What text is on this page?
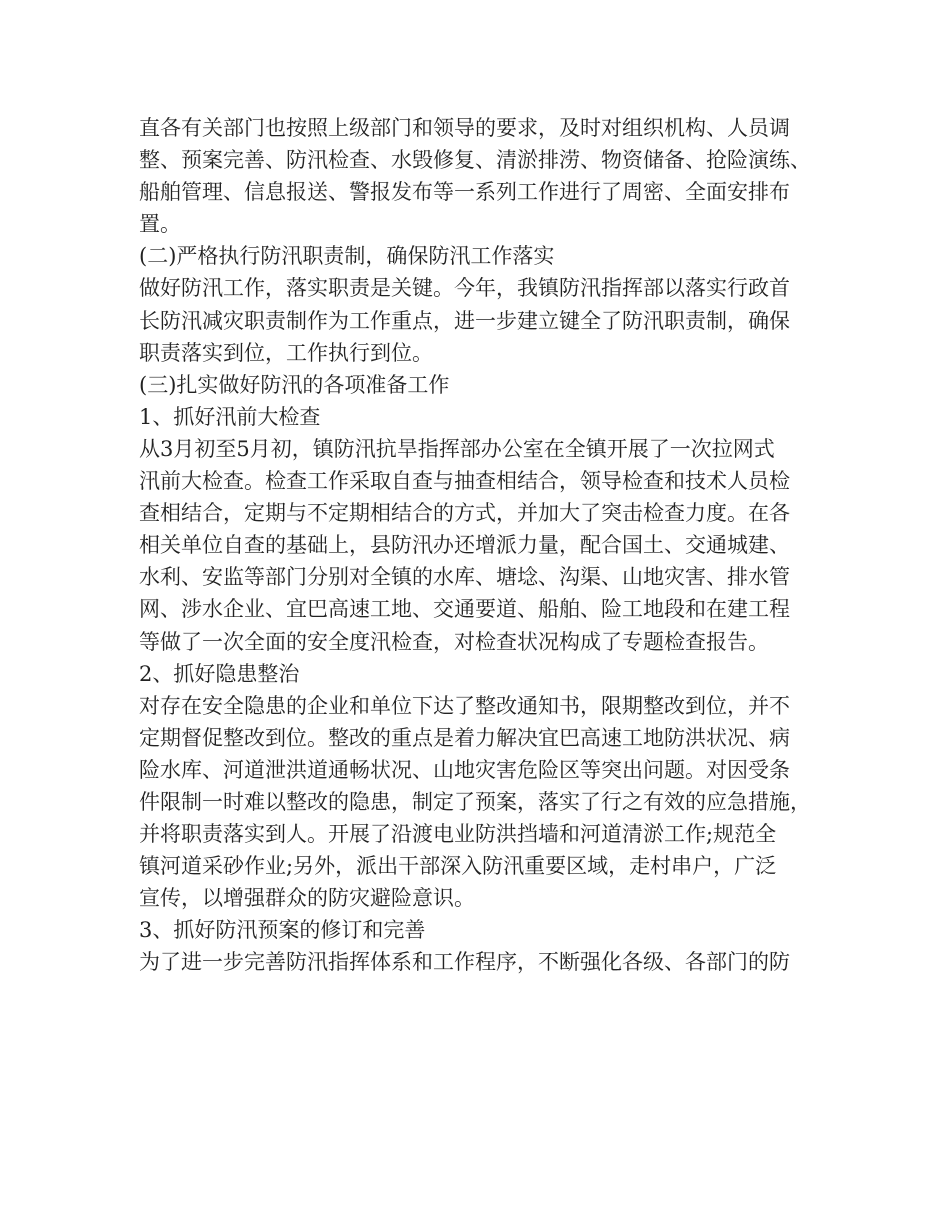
直各有关部门也按照上级部门和领导的要求，及时对组织机构、人员调
整、预案完善、防汛检查、水毁修复、清淤排涝、物资储备、抢险演练、
船舶管理、信息报送、警报发布等一系列工作进行了周密、全面安排布
置。
(二)严格执行防汛职责制，确保防汛工作落实
做好防汛工作，落实职责是关键。今年，我镇防汛指挥部以落实行政首
长防汛减灾职责制作为工作重点，进一步建立键全了防汛职责制，确保
职责落实到位，工作执行到位。
(三)扎实做好防汛的各项准备工作
1、抓好汛前大检查
从3月初至5月初，镇防汛抗旱指挥部办公室在全镇开展了一次拉网式
汛前大检查。检查工作采取自查与抽查相结合，领导检查和技术人员检
查相结合，定期与不定期相结合的方式，并加大了突击检查力度。在各
相关单位自查的基础上，县防汛办还增派力量，配合国土、交通城建、
水利、安监等部门分别对全镇的水库、塘埝、沟渠、山地灾害、排水管
网、涉水企业、宜巴高速工地、交通要道、船舶、险工地段和在建工程
等做了一次全面的安全度汛检查，对检查状况构成了专题检查报告。
2、抓好隐患整治
对存在安全隐患的企业和单位下达了整改通知书，限期整改到位，并不
定期督促整改到位。整改的重点是着力解决宜巴高速工地防洪状况、病
险水库、河道泄洪道通畅状况、山地灾害危险区等突出问题。对因受条
件限制一时难以整改的隐患，制定了预案，落实了行之有效的应急措施，
并将职责落实到人。开展了沿渡电业防洪挡墙和河道清淤工作;规范全
镇河道采砂作业;另外，派出干部深入防汛重要区域，走村串户，广泛
宣传，以增强群众的防灾避险意识。
3、抓好防汛预案的修订和完善
为了进一步完善防汛指挥体系和工作程序，不断强化各级、各部门的防
